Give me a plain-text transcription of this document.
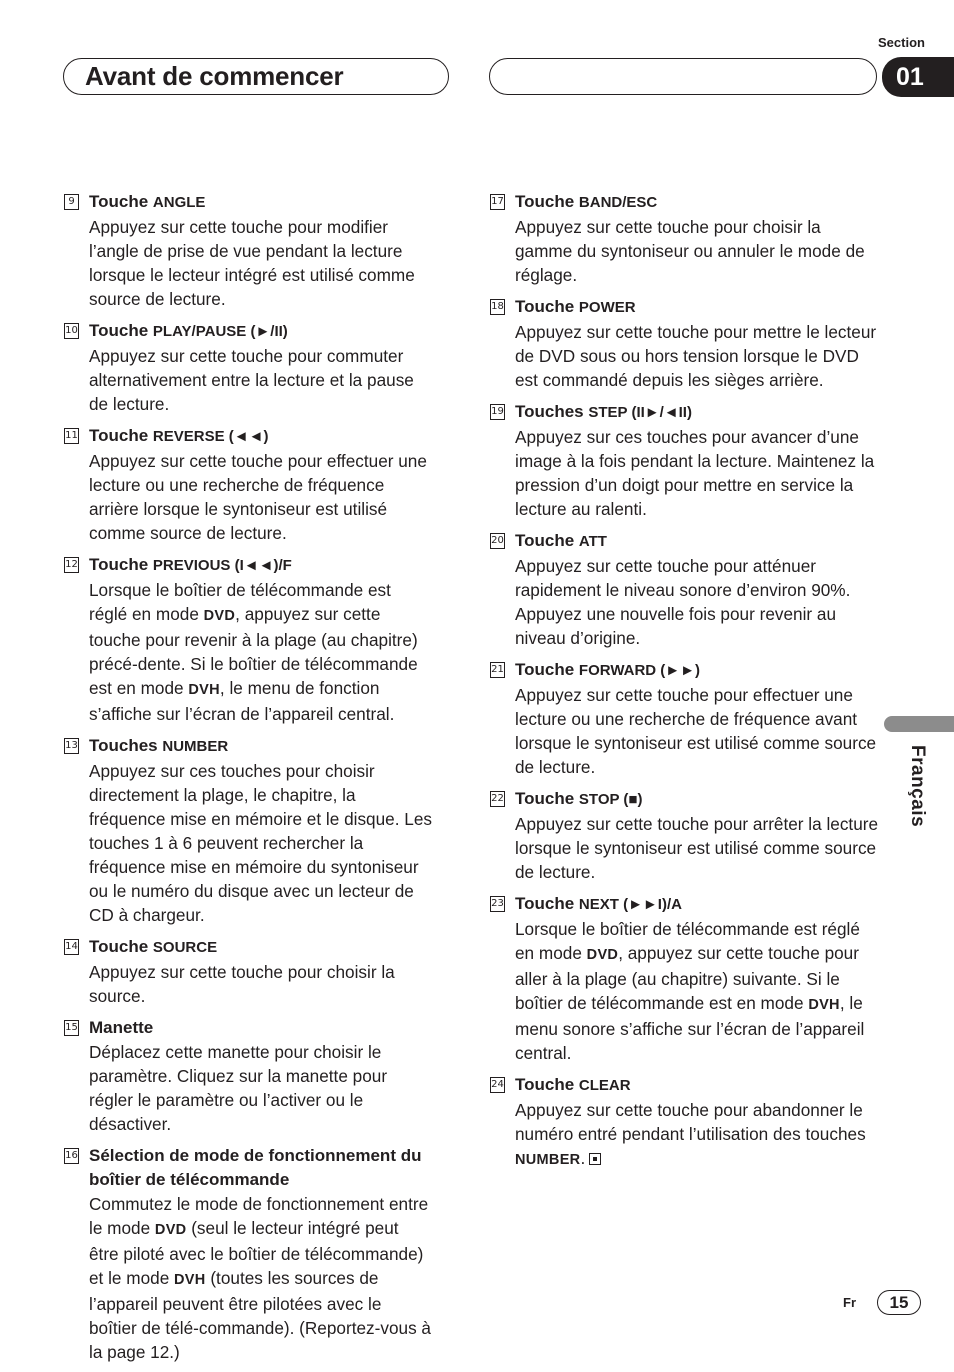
Section
Avant de commencer	01
Français
9 Touche ANGLE
Appuyez sur cette touche pour modifier l’angle de prise de vue pendant la lecture lorsque le lecteur intégré est utilisé comme source de lecture.
10 Touche PLAY/PAUSE (►/II)
Appuyez sur cette touche pour commuter alternativement entre la lecture et la pause de lecture.
11 Touche REVERSE (◄◄)
Appuyez sur cette touche pour effectuer une lecture ou une recherche de fréquence arrière lorsque le syntoniseur est utilisé comme source de lecture.
12 Touche PREVIOUS (I◄◄)/F
Lorsque le boîtier de télécommande est réglé en mode DVD, appuyez sur cette touche pour revenir à la plage (au chapitre) précé-dente. Si le boîtier de télécommande est en mode DVH, le menu de fonction s’affiche sur l’écran de l’appareil central.
13 Touches NUMBER
Appuyez sur ces touches pour choisir directement la plage, le chapitre, la fréquence mise en mémoire et le disque. Les touches 1 à 6 peuvent rechercher la fréquence mise en mémoire du syntoniseur ou le numéro du disque avec un lecteur de CD à chargeur.
14 Touche SOURCE
Appuyez sur cette touche pour choisir la source.
15 Manette
Déplacez cette manette pour choisir le paramètre. Cliquez sur la manette pour régler le paramètre ou l’activer ou le désactiver.
16 Sélection de mode de fonctionnement du boîtier de télécommande
Commutez le mode de fonctionnement entre le mode DVD (seul le lecteur intégré peut être piloté avec le boîtier de télécommande) et le mode DVH (toutes les sources de l’appareil peuvent être pilotées avec le boîtier de télé-commande). (Reportez-vous à la page 12.)
17 Touche BAND/ESC
Appuyez sur cette touche pour choisir la gamme du syntoniseur ou annuler le mode de réglage.
18 Touche POWER
Appuyez sur cette touche pour mettre le lecteur de DVD sous ou hors tension lorsque le DVD est commandé depuis les sièges arrière.
19 Touches STEP (II►/◄II)
Appuyez sur ces touches pour avancer d’une image à la fois pendant la lecture. Maintenez la pression d’un doigt pour mettre en service la lecture au ralenti.
20 Touche ATT
Appuyez sur cette touche pour atténuer rapidement le niveau sonore d’environ 90%. Appuyez une nouvelle fois pour revenir au niveau d’origine.
21 Touche FORWARD (►►)
Appuyez sur cette touche pour effectuer une lecture ou une recherche de fréquence avant lorsque le syntoniseur est utilisé comme source de lecture.
22 Touche STOP (■)
Appuyez sur cette touche pour arrêter la lecture lorsque le syntoniseur est utilisé comme source de lecture.
23 Touche NEXT (►►I)/A
Lorsque le boîtier de télécommande est réglé en mode DVD, appuyez sur cette touche pour aller à la plage (au chapitre) suivante. Si le boîtier de télécommande est en mode DVH, le menu sonore s’affiche sur l’écran de l’appareil central.
24 Touche CLEAR
Appuyez sur cette touche pour abandonner le numéro entré pendant l’utilisation des touches NUMBER.
Fr	15
